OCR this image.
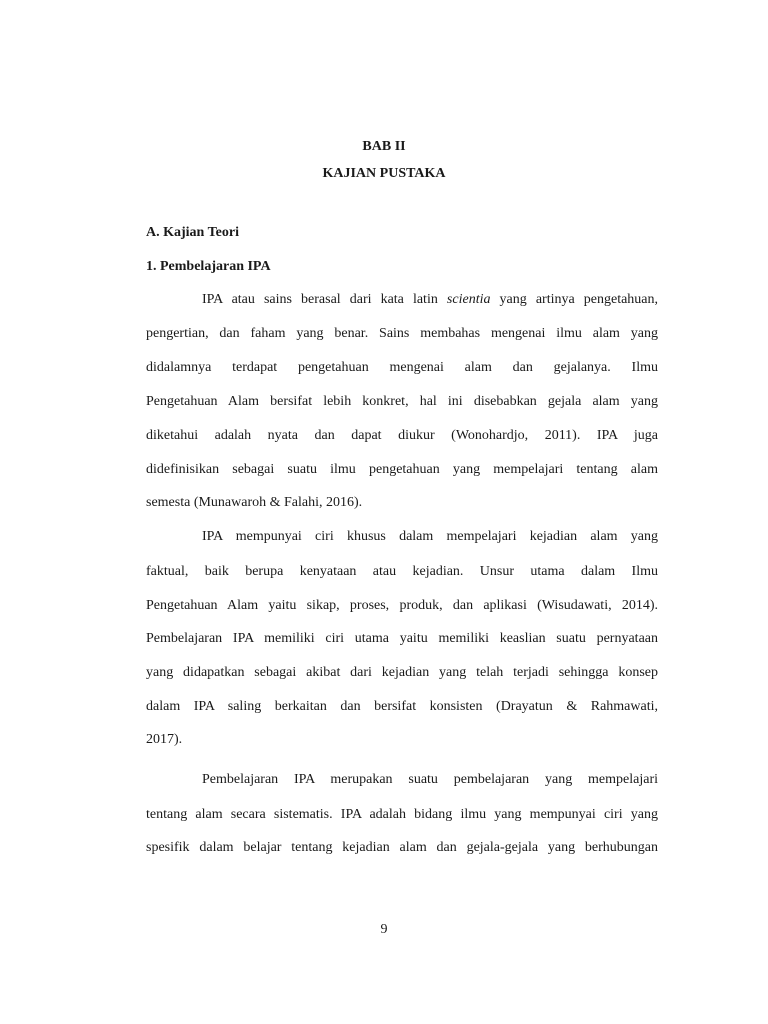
BAB II
KAJIAN PUSTAKA
A. Kajian Teori
1. Pembelajaran IPA
IPA atau sains berasal dari kata latin scientia yang artinya pengetahuan,
pengertian, dan faham yang benar. Sains membahas mengenai ilmu alam yang
didalamnya terdapat pengetahuan mengenai alam dan gejalanya. Ilmu
Pengetahuan Alam bersifat lebih konkret, hal ini disebabkan gejala alam yang
diketahui adalah nyata dan dapat diukur (Wonohardjo, 2011). IPA juga
didefinisikan sebagai suatu ilmu pengetahuan yang mempelajari tentang alam
semesta (Munawaroh & Falahi, 2016).
IPA mempunyai ciri khusus dalam mempelajari kejadian alam yang
faktual, baik berupa kenyataan atau kejadian. Unsur utama dalam Ilmu
Pengetahuan Alam yaitu sikap, proses, produk, dan aplikasi (Wisudawati, 2014).
Pembelajaran IPA memiliki ciri utama yaitu memiliki keaslian suatu pernyataan
yang didapatkan sebagai akibat dari kejadian yang telah terjadi sehingga konsep
dalam IPA saling berkaitan dan bersifat konsisten (Drayatun & Rahmawati,
2017).
Pembelajaran IPA merupakan suatu pembelajaran yang mempelajari
tentang alam secara sistematis. IPA adalah bidang ilmu yang mempunyai ciri yang
spesifik dalam belajar tentang kejadian alam dan gejala-gejala yang berhubungan
9
